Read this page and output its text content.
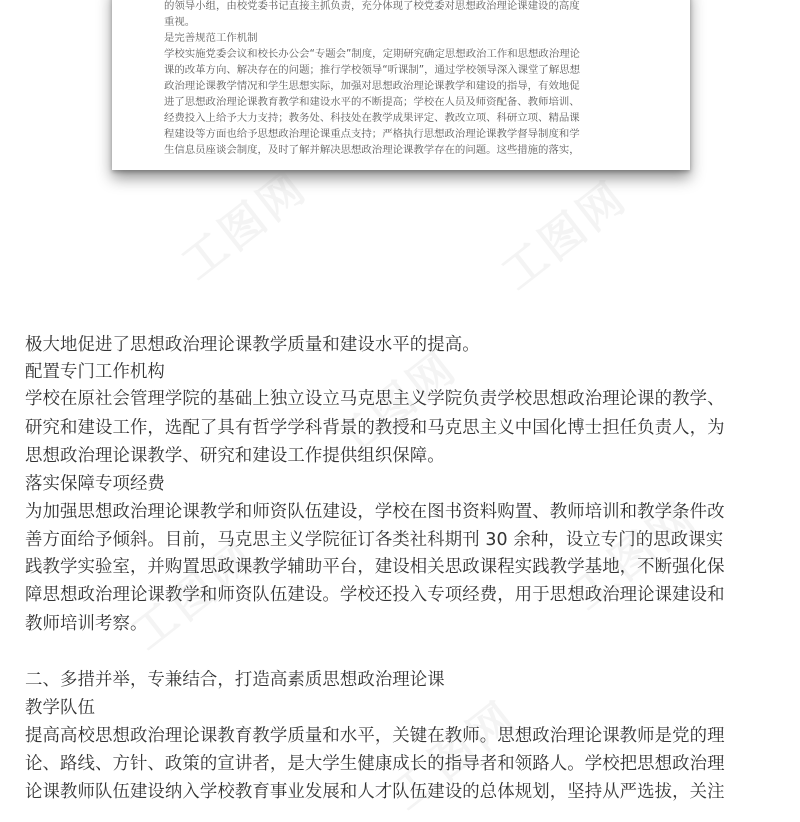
的领导小组，由校党委书记直接主抓负责，充分体现了校党委对思想政治理论课建设的高度
重视。
是完善规范工作机制
学校实施党委会议和校长办公会“专题会”制度，定期研究确定思想政治工作和思想政治理论
课的改革方向、解决存在的问题；推行学校领导“听课制”，通过学校领导深入课堂了解思想
政治理论课教学情况和学生思想实际，加强对思想政治理论课教学和建设的指导，有效地促
进了思想政治理论课教育教学和建设水平的不断提高；学校在人员及师资配备、教师培训、
经费投入上给予大力支持；教务处、科技处在教学成果评定、教改立项、科研立项、精品课
程建设等方面也给予思想政治理论课重点支持；严格执行思想政治理论课教学督导制度和学
生信息员座谈会制度，及时了解并解决思想政治理论课教学存在的问题。这些措施的落实，
工图网
工图网
工图网
工图网
极大地促进了思想政治理论课教学质量和建设水平的提高。
配置专门工作机构
学校在原社会管理学院的基础上独立设立马克思主义学院负责学校思想政治理论课的教学、
研究和建设工作，选配了具有哲学学科背景的教授和马克思主义中国化博士担任负责人，为
思想政治理论课教学、研究和建设工作提供组织保障。
落实保障专项经费
为加强思想政治理论课教学和师资队伍建设，学校在图书资料购置、教师培训和教学条件改
善方面给予倾斜。目前，马克思主义学院征订各类社科期刊 30 余种，设立专门的思政课实
践教学实验室，并购置思政课教学辅助平台，建设相关思政课程实践教学基地，不断强化保
障思想政治理论课教学和师资队伍建设。学校还投入专项经费，用于思想政治理论课建设和
教师培训考察。
二、多措并举，专兼结合，打造高素质思想政治理论课
教学队伍
提高高校思想政治理论课教育教学质量和水平，关键在教师。思想政治理论课教师是党的理
论、路线、方针、政策的宣讲者，是大学生健康成长的指导者和领路人。学校把思想政治理
论课教师队伍建设纳入学校教育事业发展和人才队伍建设的总体规划，坚持从严选拔，关注
